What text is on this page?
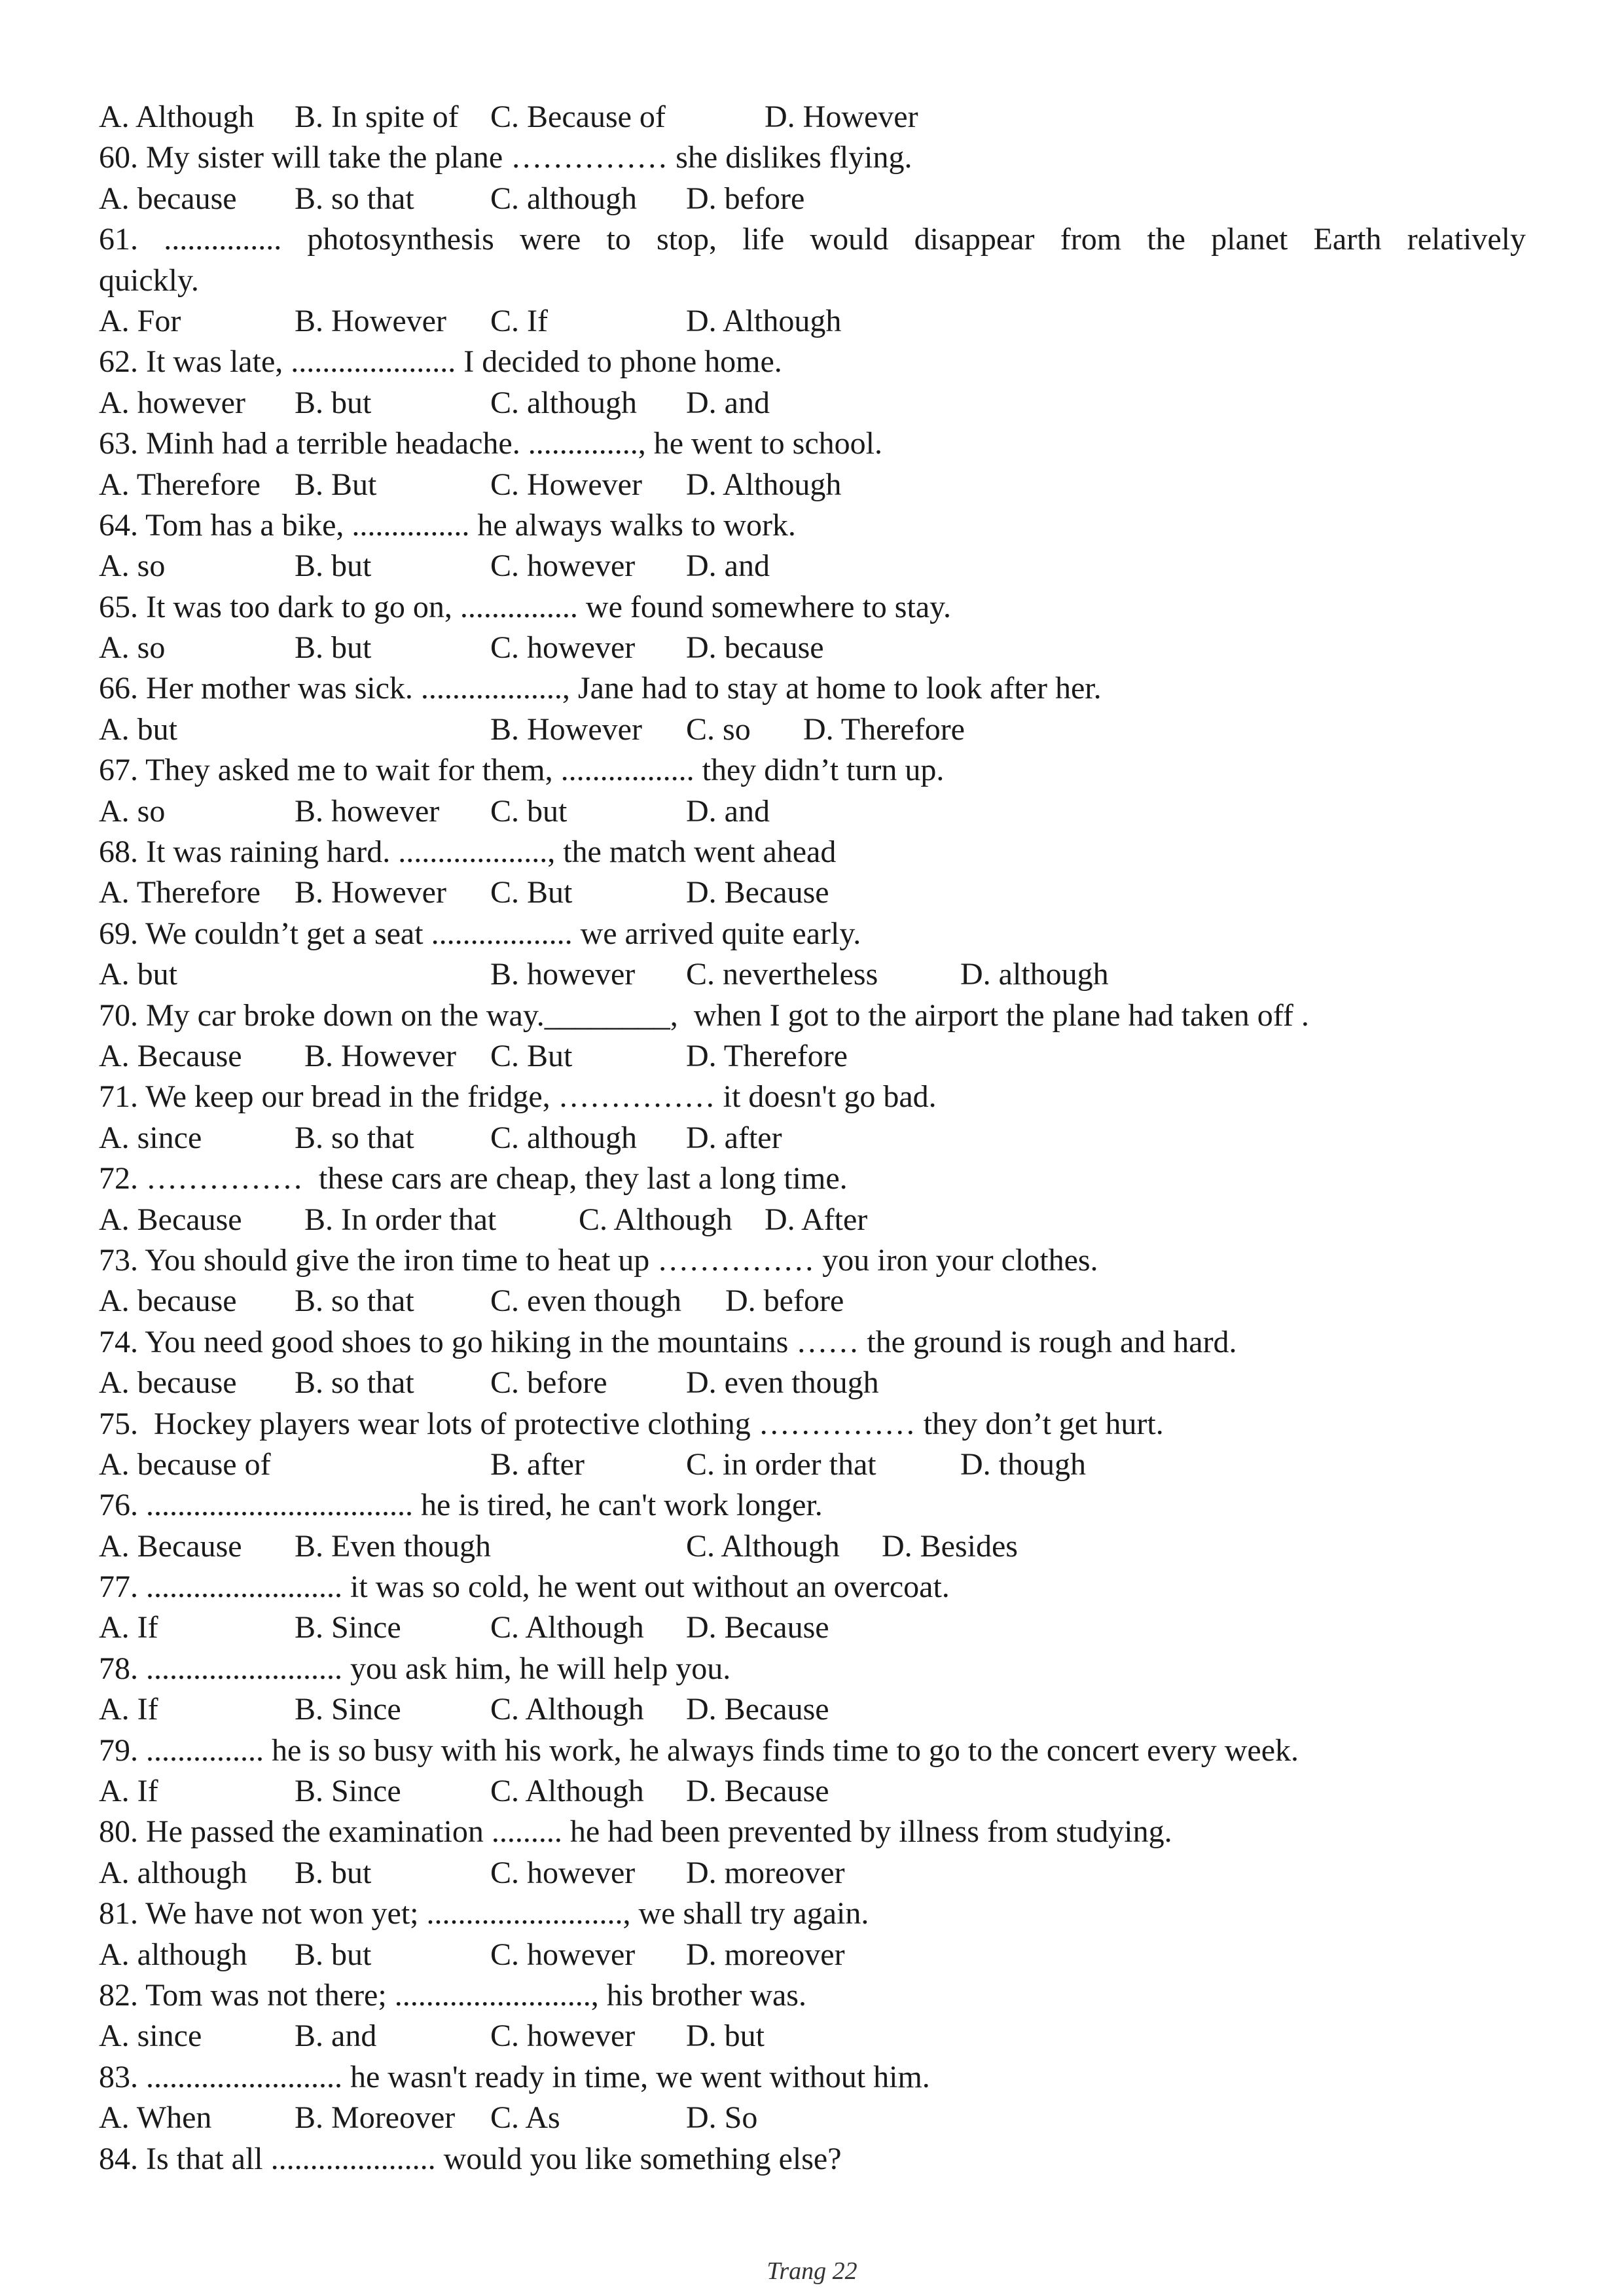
A. Although B. In spite of C. Because of	D. However
60. My sister will take the plane …………… she dislikes flying.
A. because B. so that C. although D. before
61. ............... photosynthesis were to stop, life would disappear from the planet Earth relatively
quickly.
A. For	B. However C. If	D. Although
62. It was late, ..................... I decided to phone home.
A. however B. but	C. although D. and
63. Minh had a terrible headache. .............., he went to school.
A. Therefore B. But	C. However D. Although
64. Tom has a bike, ............... he always walks to work.
A. so	B. but	C. however D. and
65. It was too dark to go on, ............... we found somewhere to stay.
A. so	B. but	C. however D. because
66. Her mother was sick. .................., Jane had to stay at home to look after her.
A. but	B. However C. so D. Therefore
67. They asked me to wait for them, ................. they didn’t turn up.
A. so	B. however C. but	D. and
68. It was raining hard. ..................., the match went ahead
A. Therefore B. However C. But	D. Because
69. We couldn’t get a seat .................. we arrived quite early.
A. but	B. however C. nevertheless	D. although
70. My car broke down on the way.________,  when I got to the airport the plane had taken off .
A. Because B. However C. But	D. Therefore
71. We keep our bread in the fridge, …………… it doesn't go bad.
A. since	B. so that C. although D. after
72. ……………  these cars are cheap, they last a long time.
A. Because B. In order that	C. Although D. After
73. You should give the iron time to heat up …………… you iron your clothes.
A. because B. so that C. even though D. before
74. You need good shoes to go hiking in the mountains …… the ground is rough and hard.
A. because B. so that C. before	D. even though
75.  Hockey players wear lots of protective clothing …………… they don’t get hurt.
A. because of	B. after	C. in order that	D. though
76. .................................. he is tired, he can't work longer.
A. Because B. Even though	C. Although D. Besides
77. ......................... it was so cold, he went out without an overcoat.
A. If	B. Since	C. Although D. Because
78. ......................... you ask him, he will help you.
A. If	B. Since	C. Although D. Because
79. ............... he is so busy with his work, he always finds time to go to the concert every week.
A. If	B. Since	C. Although D. Because
80. He passed the examination ......... he had been prevented by illness from studying.
A. although B. but	C. however D. moreover
81. We have not won yet; ........................., we shall try again.
A. although B. but	C. however D. moreover
82. Tom was not there; ........................., his brother was.
A. since	B. and	C. however D. but
83. ......................... he wasn't ready in time, we went without him.
A. When	B. Moreover C. As	D. So
84. Is that all ..................... would you like something else?
Trang 22
